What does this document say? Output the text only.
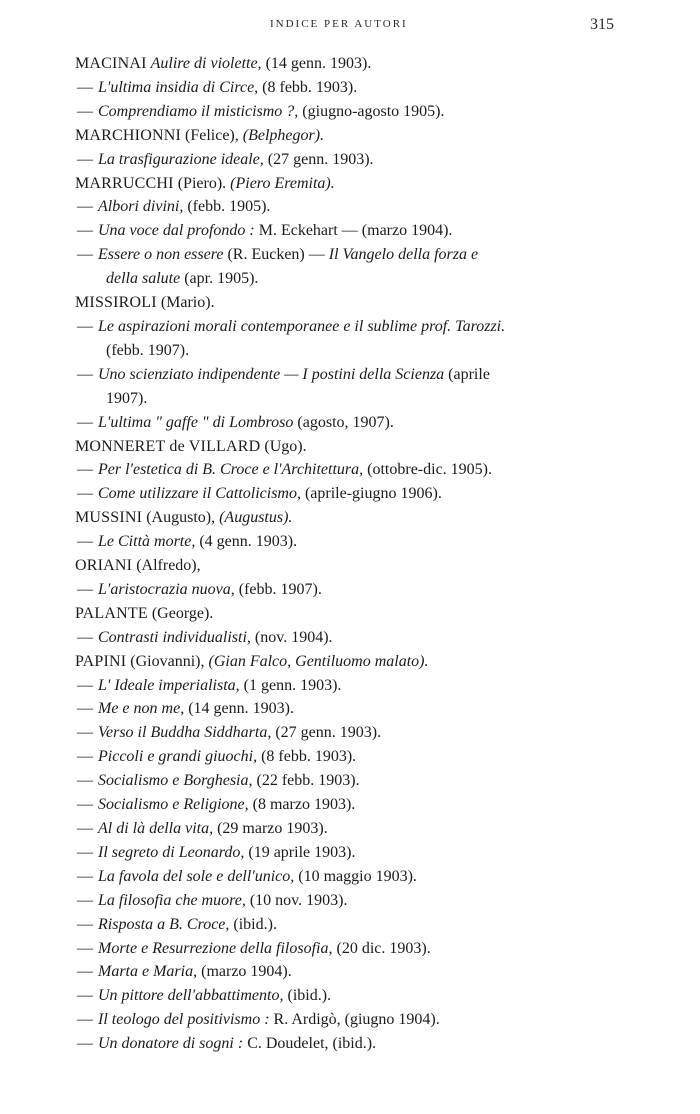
INDICE PER AUTORI	315
MACINAI Aulire di violette, (14 genn. 1903).
— L'ultima insidia di Circe, (8 febb. 1903).
— Comprendiamo il misticismo ?, (giugno-agosto 1905).
MARCHIONNI (Felice), (Belphegor).
— La trasfigurazione ideale, (27 genn. 1903).
MARRUCCHI (Piero). (Piero Eremita).
— Albori divini, (febb. 1905).
— Una voce dal profondo : M. Eckehart — (marzo 1904).
— Essere o non essere (R. Eucken) — Il Vangelo della forza e
della salute (apr. 1905).
MISSIROLI (Mario).
— Le aspirazioni morali contemporanee e il sublime prof. Tarozzi.
(febb. 1907).
— Uno scienziato indipendente — I postini della Scienza (aprile
1907).
— L'ultima " gaffe " di Lombroso (agosto, 1907).
MONNERET de VILLARD (Ugo).
— Per l'estetica di B. Croce e l'Architettura, (ottobre-dic. 1905).
— Come utilizzare il Cattolicismo, (aprile-giugno 1906).
MUSSINI (Augusto), (Augustus).
— Le Città morte, (4 genn. 1903).
ORIANI (Alfredo),
— L'aristocrazia nuova, (febb. 1907).
PALANTE (George).
— Contrasti individualisti, (nov. 1904).
PAPINI (Giovanni), (Gian Falco, Gentiluomo malato).
— L' Ideale imperialista, (1 genn. 1903).
— Me e non me, (14 genn. 1903).
— Verso il Buddha Siddharta, (27 genn. 1903).
— Piccoli e grandi giuochi, (8 febb. 1903).
— Socialismo e Borghesia, (22 febb. 1903).
— Socialismo e Religione, (8 marzo 1903).
— Al di là della vita, (29 marzo 1903).
— Il segreto di Leonardo, (19 aprile 1903).
— La favola del sole e dell'unico, (10 maggio 1903).
— La filosofia che muore, (10 nov. 1903).
— Risposta a B. Croce, (ibid.).
— Morte e Resurrezione della filosofia, (20 dic. 1903).
— Marta e Maria, (marzo 1904).
— Un pittore dell'abbattimento, (ibid.).
— Il teologo del positivismo : R. Ardigò, (giugno 1904).
— Un donatore di sogni : C. Doudelet, (ibid.).
